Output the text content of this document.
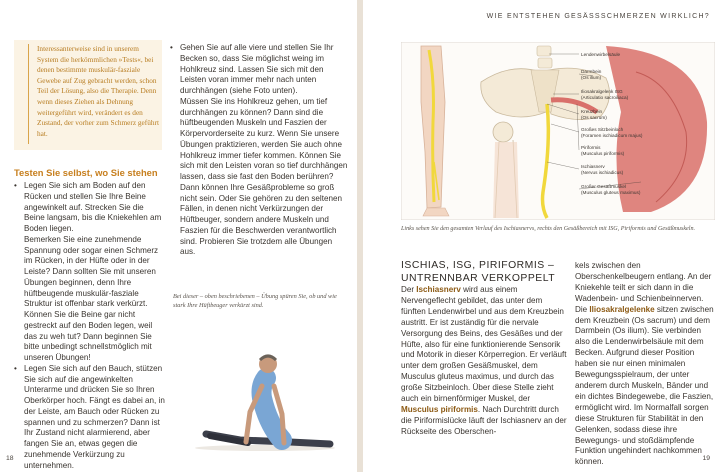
Interessanterweise sind in unserem System die herkömmlichen »Tests«, bei denen bestimmte muskulär-fasziale Gewebe auf Zug gebracht werden, schon Teil der Lösung, also die Therapie. Denn wenn dieses Ziehen als Dehnung weitergeführt wird, verändert es den Zustand, der vorher zum Schmerz geführt hat.
Testen Sie selbst, wo Sie stehen
• Legen Sie sich am Boden auf den Rücken und stellen Sie Ihre Beine angewinkelt auf. Strecken Sie die Beine langsam, bis die Kniekehlen am Boden liegen.
Bemerken Sie eine zunehmende Spannung oder sogar einen Schmerz im Rücken, in der Hüfte oder in der Leiste? Dann sollten Sie mit unseren Übungen beginnen, denn Ihre hüftbeugende muskulär-fasziale Struktur ist offenbar stark verkürzt.
Können Sie die Beine gar nicht gestreckt auf den Boden legen, weil das zu weh tut? Dann beginnen Sie bitte unbedingt schnellstmöglich mit unseren Übungen!
• Legen Sie sich auf den Bauch, stützen Sie sich auf die angewinkelten Unterarme und drücken Sie so Ihren Oberkörper hoch. Fängt es dabei an, in der Leiste, am Bauch oder Rücken zu spannen und zu schmerzen? Dann ist Ihr Zustand nicht alarmierend, aber fangen Sie an, etwas gegen die zunehmende Verkürzung zu unternehmen.
• Gehen Sie auf alle viere und stellen Sie Ihr Becken so, dass Sie möglichst weing im Hohlkreuz sind. Lassen Sie sich mit den Leisten voran immer mehr nach unten durchhängen (siehe Foto unten).
Müssen Sie ins Hohlkreuz gehen, um tief durchhängen zu können? Dann sind die hüftbeugenden Muskeln und Faszien der Körpervorderseite zu kurz. Wenn Sie unsere Übungen praktizieren, werden Sie auch ohne Hohlkreuz immer tiefer kommen. Können Sie sich mit den Leisten voran so tief durchhängen lassen, dass sie fast den Boden berühren? Dann können Ihre Gesäßprobleme so groß nicht sein. Oder Sie gehören zu den seltenen Fällen, in denen nicht Verkürzungen der Hüftbeuger, sondern andere Muskeln und Faszien für die Beschwerden verantwortlich sind. Probieren Sie trotzdem alle Übungen aus.
Bei dieser – oben beschriebenen – Übung spüren Sie, ob und wie stark Ihre Hüftbeuger verkürzt sind.
18
WIE ENTSTEHEN GESÄSSSCHMERZEN WIRKLICH?
Lendenwirbelsäule
Darmbein
(Os ilium)
Iliosakralgelenk ISG
(Articulatio sacroiliaca)
Kreuzbein
(Os sacrum)
Großes Sitzbeinloch
(Foramen ischiadicum majus)
Piriformis
(Musculus piriformis)
Ischiasnerv
(Nervus ischiadicus)
Großer Gesäßmuskel
(Musculus gluteus maximus)
Links sehen Sie den gesamten Verlauf des Ischiasnervs, rechts den Gesäßbereich mit ISG, Piriformis und Gesäßmuskeln.
ISCHIAS, ISG, PIRIFORMIS –
UNTRENNBAR VERKOPPELT
Der Ischiasnerv wird aus einem Nervengeflecht gebildet, das unter dem fünften Lendenwirbel und aus dem Kreuzbein austritt. Er ist zuständig für die nervale Versorgung des Beins, des Gesäßes und der Hüfte, also für eine funktionierende Sensorik und Motorik in dieser Körperregion. Er verläuft unter dem großen Gesäßmuskel, dem Musculus gluteus maximus, und durch das große Sitzbeinloch. Über diese Stelle zieht auch ein birnenförmiger Muskel, der Musculus piriformis. Nach Durchtritt durch die Piriformislücke läuft der Ischiasnerv an der Rückseite des Oberschen-
kels zwischen den Oberschenkelbeugern entlang. An der Kniekehle teilt er sich dann in die Wadenbein- und Schienbeinnerven. Die Iliosakralgelenke sitzen zwischen dem Kreuzbein (Os sacrum) und dem Darmbein (Os ilium). Sie verbinden also die Lendenwirbelsäule mit dem Becken. Aufgrund dieser Position haben sie nur einen minimalen Bewegungsspielraum, der unter anderem durch Muskeln, Bänder und ein dichtes Bindegewebe, die Faszien, ermöglicht wird. Im Normalfall sorgen diese Strukturen für Stabilität in den Gelenken, sodass diese ihre Bewegungs- und stoßdämpfende Funktion ungehindert nachkommen können.	19
